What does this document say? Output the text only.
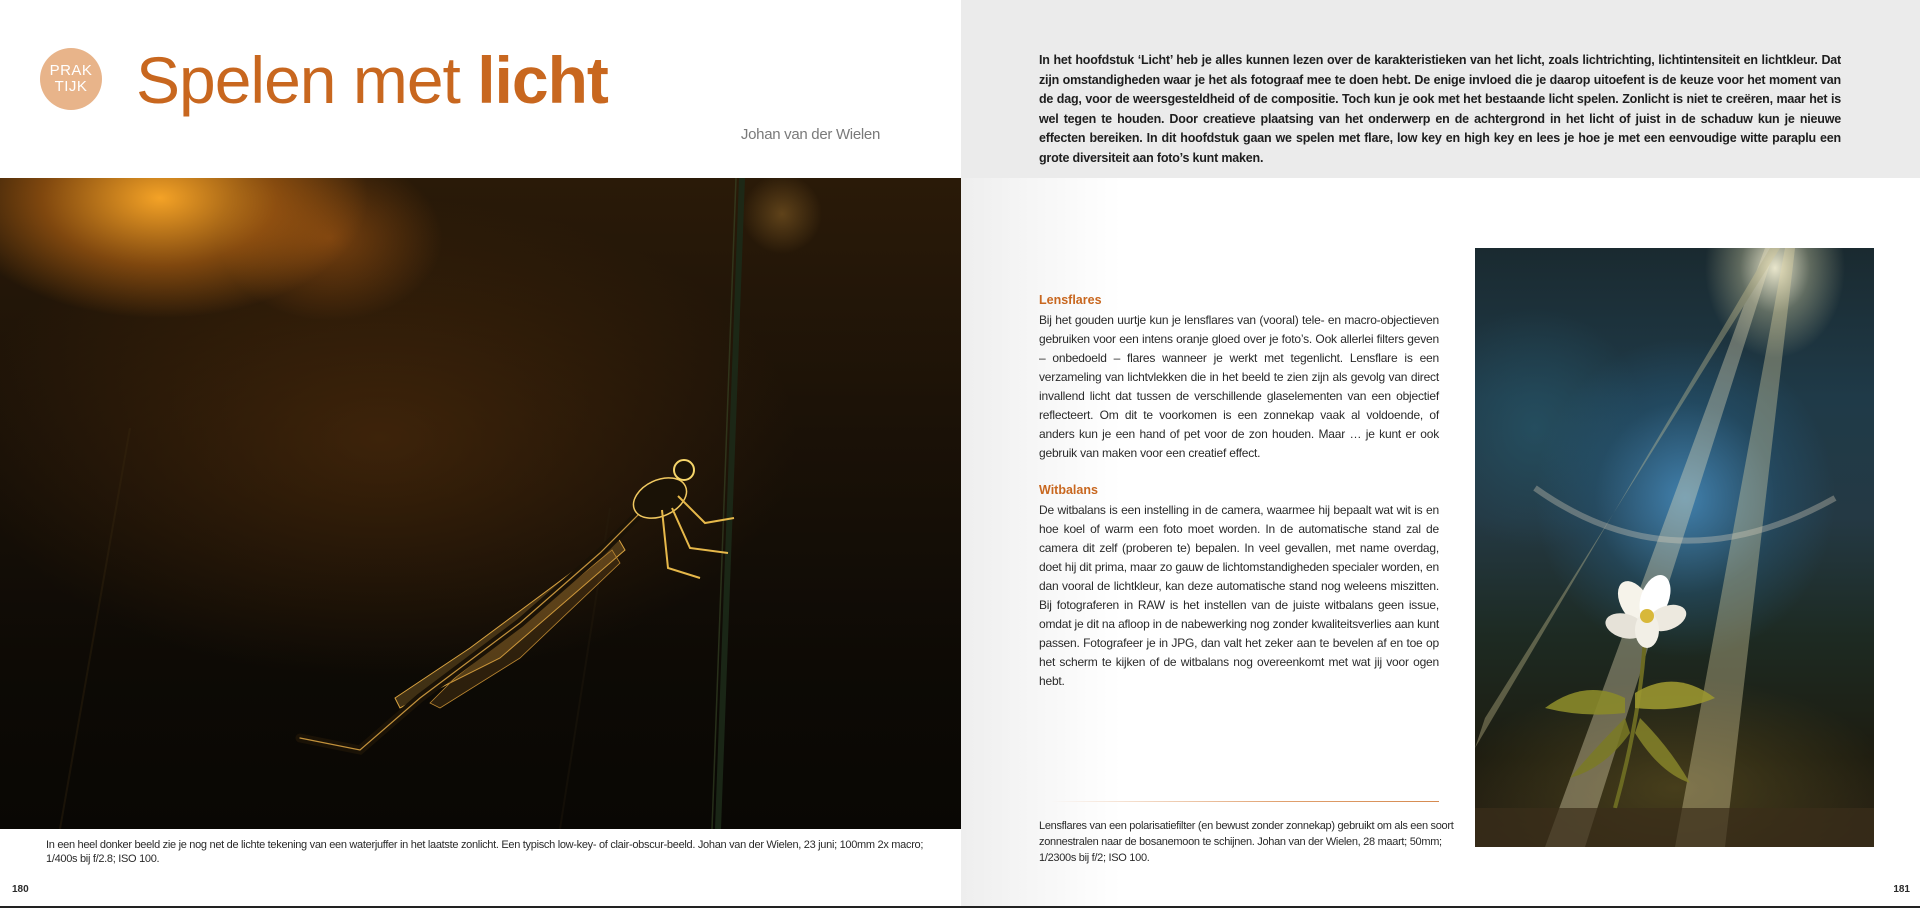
PRAK
TIJK Spelen met licht
Johan van der Wielen
In een heel donker beeld zie je nog net de lichte tekening van een waterjuffer in het laatste zonlicht. Een typisch low-key- of clair-obscur-beeld. Johan van der Wielen, 23 juni; 100mm 2x macro; 1/400s bij f/2.8; ISO 100.
180

In het hoofdstuk ‘Licht’ heb je alles kunnen lezen over de karakteristieken van het licht, zoals lichtrichting, lichtintensiteit en lichtkleur. Dat zijn omstandigheden waar je het als fotograaf mee te doen hebt. De enige invloed die je daarop uitoefent is de keuze voor het moment van de dag, voor de weersgesteldheid of de compositie. Toch kun je ook met het bestaande licht spelen. Zonlicht is niet te creëren, maar het is wel tegen te houden. Door creatieve plaatsing van het onderwerp en de achtergrond in het licht of juist in de schaduw kun je nieuwe effecten bereiken. In dit hoofdstuk gaan we spelen met flare, low key en high key en lees je hoe je met een eenvoudige witte paraplu een grote diversiteit aan foto’s kunt maken.

Lensflares

Bij het gouden uurtje kun je lensflares van (vooral) tele- en macro-objectieven gebruiken voor een intens oranje gloed over je foto’s. Ook allerlei filters geven – onbedoeld – flares wanneer je werkt met tegenlicht. Lensflare is een verzameling van lichtvlekken die in het beeld te zien zijn als gevolg van direct invallend licht dat tussen de verschillende glaselementen van een objectief reflecteert. Om dit te voorkomen is een zonnekap vaak al voldoende, of anders kun je een hand of pet voor de zon houden. Maar … je kunt er ook gebruik van maken voor een creatief effect.

Witbalans

De witbalans is een instelling in de camera, waarmee hij bepaalt wat wit is en hoe koel of warm een foto moet worden. In de automatische stand zal de camera dit zelf (proberen te) bepalen. In veel gevallen, met name overdag, doet hij dit prima, maar zo gauw de lichtomstandigheden specialer worden, en dan vooral de lichtkleur, kan deze automatische stand nog weleens miszitten. Bij fotograferen in RAW is het instellen van de juiste witbalans geen issue, omdat je dit na afloop in de nabewerking nog zonder kwaliteitsverlies aan kunt passen. Fotografeer je in JPG, dan valt het zeker aan te bevelen af en toe op het scherm te kijken of de witbalans nog overeenkomt met wat jij voor ogen hebt.

Lensflares van een polarisatiefilter (en bewust zonder zonnekap) gebruikt om als een soort zonnestralen naar de bosanemoon te schijnen. Johan van der Wielen, 28 maart; 50mm; 1/2300s bij f/2; ISO 100.
181
